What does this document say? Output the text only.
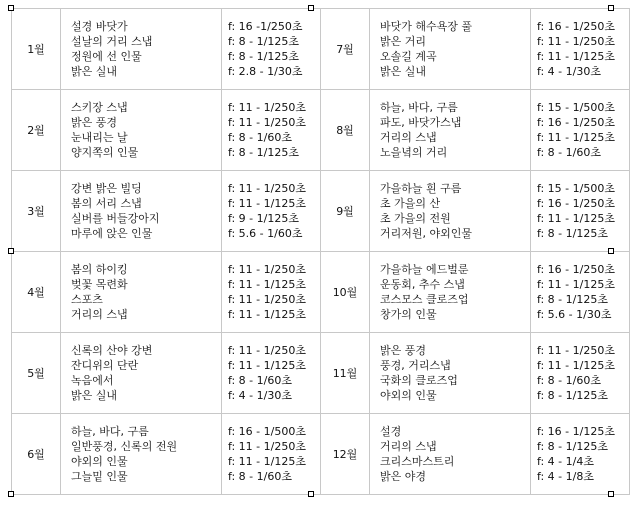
1월	설경 바닷가
설날의 거리 스냅
정원에 선 인물
밝은 실내	f: 16 -1/250초
f: 8 - 1/125초
f: 8 - 1/125초
f: 2.8 - 1/30초	7월	바닷가 해수욕장 풀
밝은 거리
오솔길 계곡
밝은 실내	f: 16 - 1/250초
f: 11 - 1/250초
f: 11 - 1/125초
f: 4 - 1/30초

2월	스키장 스냅
밝은 풍경
눈내리는 날
양지쪽의 인물	f: 11 - 1/250초
f: 11 - 1/250초
f: 8 - 1/60초
f: 8 - 1/125초	8월	하늘, 바다, 구름
파도, 바닷가스냅
거리의 스냅
노을녘의 거리	f: 15 - 1/500초
f: 16 - 1/250초
f: 11 - 1/125초
f: 8 - 1/60초

3월	강변 밝은 빌딩
봄의 서리 스냅
실버를 버들강아지
마루에 앉은 인물	f: 11 - 1/250초
f: 11 - 1/125초
f: 9 - 1/125초
f: 5.6 - 1/60초	9월	가을하늘 흰 구름
초 가을의 산
초 가을의 전원
거리저원, 야외인물	f: 15 - 1/500초
f: 16 - 1/250초
f: 11 - 1/125초
f: 8 - 1/125초

4월	봄의 하이킹
벚꽃 목련화
스포츠
거리의 스냅	f: 11 - 1/250초
f: 11 - 1/125초
f: 11 - 1/250초
f: 11 - 1/125초	10월	가을하늘 에드벌룬
운동회, 추수 스냅
코스모스 클로즈업
창가의 인물	f: 16 - 1/250초
f: 11 - 1/125초
f: 8 - 1/125초
f: 5.6 - 1/30초

5월	신록의 산야 강변
잔디위의 단란
녹음에서
밝은 실내	f: 11 - 1/250초
f: 11 - 1/125초
f: 8 - 1/60초
f: 4 - 1/30초	11월	밝은 풍경
풍경, 거리스냅
국화의 클로즈업
야외의 인물	f: 11 - 1/250초
f: 11 - 1/125초
f: 8 - 1/60초
f: 8 - 1/125초

6월	하늘, 바다, 구름
일반풍경, 신록의 전원
야외의 인물
그늘밑 인물	f: 16 - 1/500초
f: 11 - 1/250초
f: 11 - 1/125초
f: 8 - 1/60초	12월	설경
거리의 스냅
크리스마스트리
밝은 야경	f: 16 - 1/125초
f: 8 - 1/125초
f: 4 - 1/4초
f: 4 - 1/8초
